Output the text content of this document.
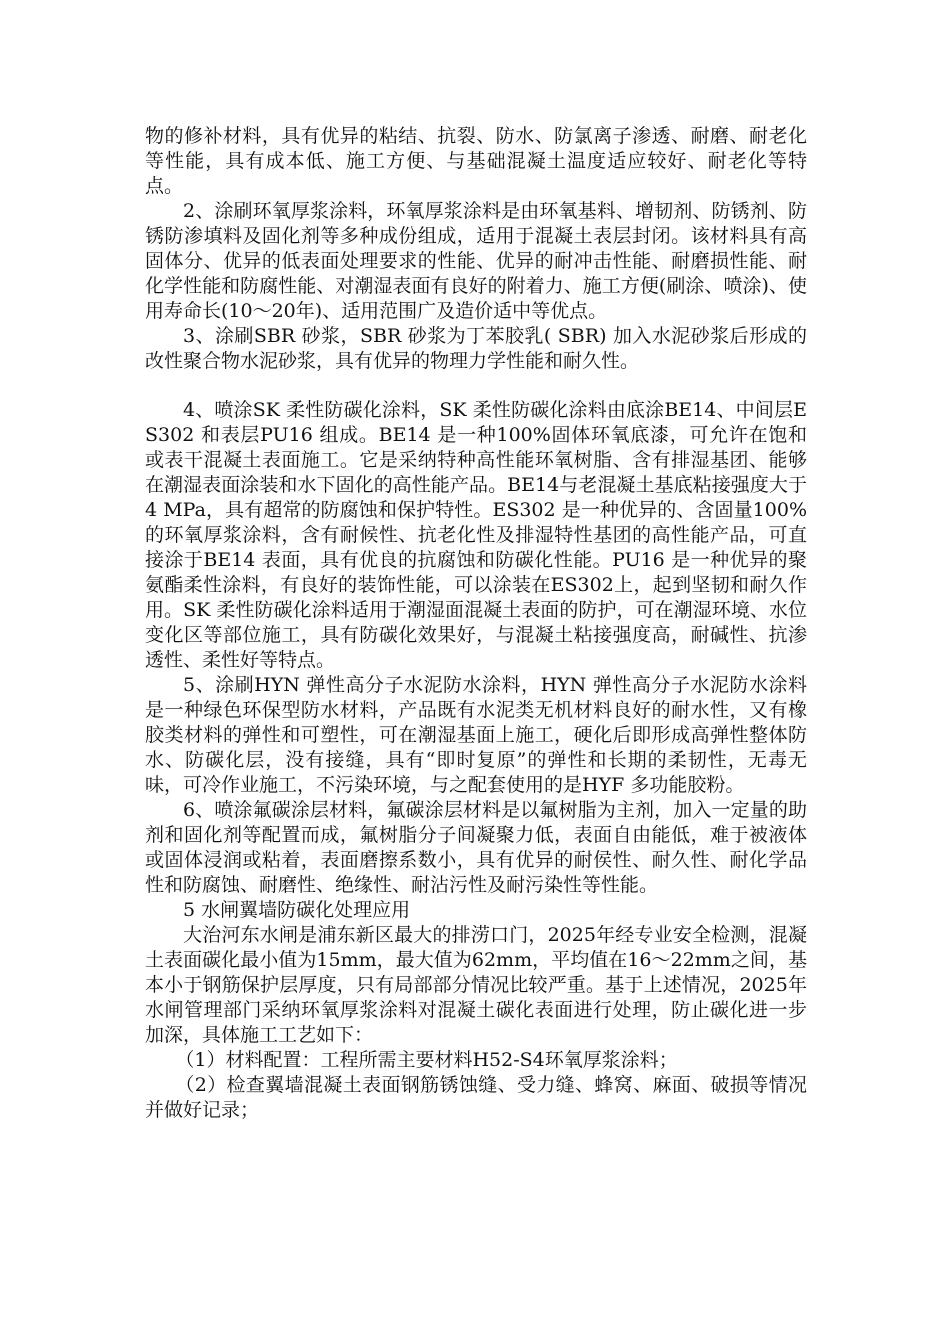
物的修补材料，具有优异的粘结、抗裂、防水、防氯离子渗透、耐磨、耐老化等性能，具有成本低、施工方便、与基础混凝土温度适应较好、耐老化等特点。

2、涂刷环氧厚浆涂料，环氧厚浆涂料是由环氧基料、增韧剂、防锈剂、防锈防渗填料及固化剂等多种成份组成，适用于混凝土表层封闭。该材料具有高固体分、优异的低表面处理要求的性能、优异的耐冲击性能、耐磨损性能、耐化学性能和防腐性能、对潮湿表面有良好的附着力、施工方便(刷涂、喷涂)、使用寿命长(10～20年)、适用范围广及造价适中等优点。

3、涂刷SBR 砂浆，SBR 砂浆为丁苯胶乳( SBR) 加入水泥砂浆后形成的改性聚合物水泥砂浆，具有优异的物理力学性能和耐久性。

4、喷涂SK 柔性防碳化涂料，SK 柔性防碳化涂料由底涂BE14、中间层ES302 和表层PU16 组成。BE14 是一种100%固体环氧底漆，可允许在饱和或表干混凝土表面施工。它是采纳特种高性能环氧树脂、含有排湿基团、能够在潮湿表面涂装和水下固化的高性能产品。BE14与老混凝土基底粘接强度大于4 MPa，具有超常的防腐蚀和保护特性。ES302 是一种优异的、含固量100%的环氧厚浆涂料，含有耐候性、抗老化性及排湿特性基团的高性能产品，可直接涂于BE14 表面，具有优良的抗腐蚀和防碳化性能。PU16 是一种优异的聚氨酯柔性涂料，有良好的装饰性能，可以涂装在ES302上，起到坚韧和耐久作用。SK 柔性防碳化涂料适用于潮湿面混凝土表面的防护，可在潮湿环境、水位变化区等部位施工，具有防碳化效果好，与混凝土粘接强度高，耐碱性、抗渗透性、柔性好等特点。

5、涂刷HYN 弹性高分子水泥防水涂料，HYN 弹性高分子水泥防水涂料是一种绿色环保型防水材料，产品既有水泥类无机材料良好的耐水性，又有橡胶类材料的弹性和可塑性，可在潮湿基面上施工，硬化后即形成高弹性整体防水、防碳化层，没有接缝，具有“即时复原”的弹性和长期的柔韧性，无毒无味，可冷作业施工，不污染环境，与之配套使用的是HYF 多功能胶粉。

6、喷涂氟碳涂层材料，氟碳涂层材料是以氟树脂为主剂，加入一定量的助剂和固化剂等配置而成，氟树脂分子间凝聚力低，表面自由能低，难于被液体或固体浸润或粘着，表面磨擦系数小，具有优异的耐侯性、耐久性、耐化学品性和防腐蚀、耐磨性、绝缘性、耐沾污性及耐污染性等性能。

5 水闸翼墙防碳化处理应用

大治河东水闸是浦东新区最大的排涝口门，2025年经专业安全检测，混凝土表面碳化最小值为15mm，最大值为62mm，平均值在16～22mm之间，基本小于钢筋保护层厚度，只有局部部分情况比较严重。基于上述情况，2025年水闸管理部门采纳环氧厚浆涂料对混凝土碳化表面进行处理，防止碳化进一步加深，具体施工工艺如下：

（1）材料配置：工程所需主要材料H52-S4环氧厚浆涂料；

（2）检查翼墙混凝土表面钢筋锈蚀缝、受力缝、蜂窝、麻面、破损等情况并做好记录；
